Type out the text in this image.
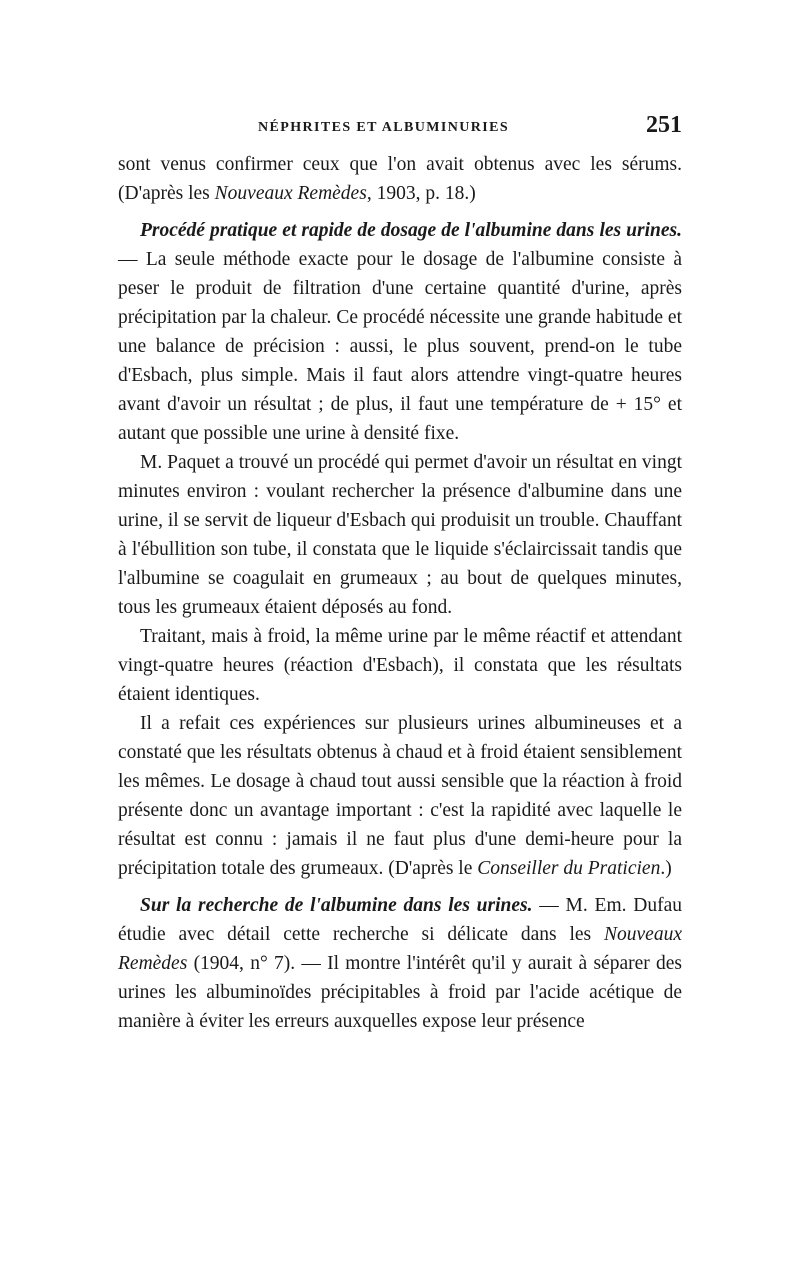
NÉPHRITES ET ALBUMINURIES	251

sont venus confirmer ceux que l'on avait obtenus avec les sérums. (D'après les Nouveaux Remèdes, 1903, p. 18.)

Procédé pratique et rapide de dosage de l'albumine dans les urines. — La seule méthode exacte pour le dosage de l'albumine consiste à peser le produit de filtration d'une certaine quantité d'urine, après précipitation par la chaleur. Ce procédé nécessite une grande habitude et une balance de précision : aussi, le plus souvent, prend-on le tube d'Esbach, plus simple. Mais il faut alors attendre vingt-quatre heures avant d'avoir un résultat ; de plus, il faut une température de + 15° et autant que possible une urine à densité fixe.

M. Paquet a trouvé un procédé qui permet d'avoir un résultat en vingt minutes environ : voulant rechercher la présence d'albumine dans une urine, il se servit de liqueur d'Esbach qui produisit un trouble. Chauffant à l'ébullition son tube, il constata que le liquide s'éclaircissait tandis que l'albumine se coagulait en grumeaux ; au bout de quelques minutes, tous les grumeaux étaient déposés au fond.

Traitant, mais à froid, la même urine par le même réactif et attendant vingt-quatre heures (réaction d'Esbach), il constata que les résultats étaient identiques.

Il a refait ces expériences sur plusieurs urines albumineuses et a constaté que les résultats obtenus à chaud et à froid étaient sensiblement les mêmes. Le dosage à chaud tout aussi sensible que la réaction à froid présente donc un avantage important : c'est la rapidité avec laquelle le résultat est connu : jamais il ne faut plus d'une demi-heure pour la précipitation totale des grumeaux. (D'après le Conseiller du Praticien.)

Sur la recherche de l'albumine dans les urines. — M. Em. Dufau étudie avec détail cette recherche si délicate dans les Nouveaux Remèdes (1904, n° 7). — Il montre l'intérêt qu'il y aurait à séparer des urines les albuminoïdes précipitables à froid par l'acide acétique de manière à éviter les erreurs auxquelles expose leur présence
